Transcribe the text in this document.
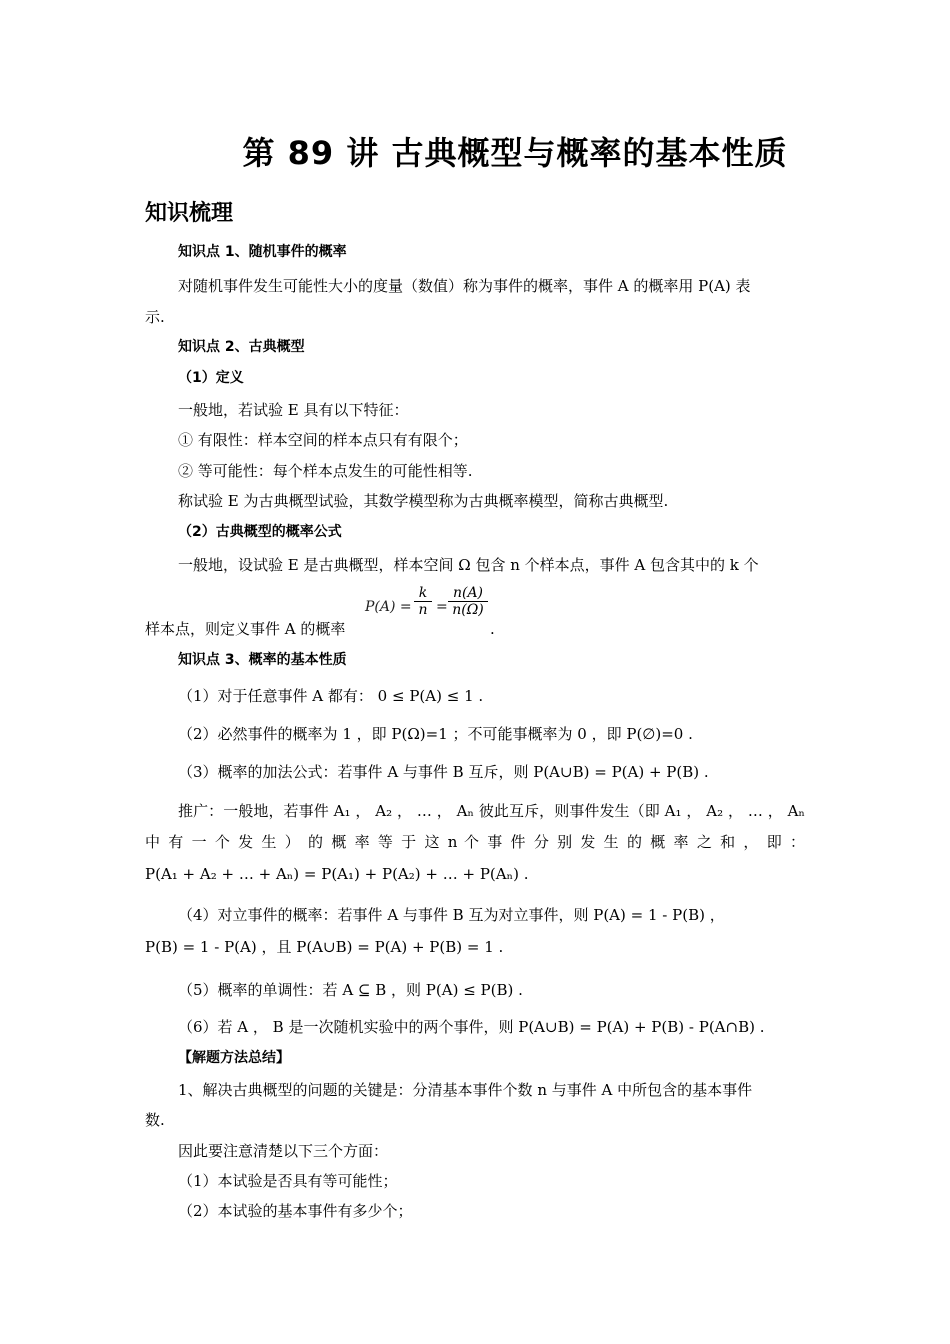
第 89 讲 古典概型与概率的基本性质
知识梳理
知识点 1、随机事件的概率
对随机事件发生可能性大小的度量（数值）称为事件的概率，事件 A 的概率用 P(A) 表
示.
知识点 2、古典概型
（1）定义
一般地，若试验 E 具有以下特征：
① 有限性：样本空间的样本点只有有限个；
② 等可能性：每个样本点发生的可能性相等.
称试验 E 为古典概型试验，其数学模型称为古典概率模型，简称古典概型.
（2）古典概型的概率公式
一般地，设试验 E 是古典概型，样本空间 Ω 包含 n 个样本点，事件 A 包含其中的 k 个
样本点，则定义事件 A 的概率
P(A) =
k
n =
n(A)
n(Ω)
.
知识点 3、概率的基本性质
（1）对于任意事件 A 都有： 0 ≤ P(A) ≤ 1 .
（2）必然事件的概率为 1 ，即 P(Ω)=1 ；不可能事概率为 0 ，即 P(∅)=0 .
（3）概率的加法公式：若事件 A 与事件 B 互斥，则 P(A∪B) = P(A) + P(B) .
推广：一般地，若事件 A₁ ， A₂ ， … ， Aₙ 彼此互斥，则事件发生（即 A₁ ， A₂ ， … ， Aₙ
中 有 一 个 发 生 ） 的 概 率 等 于 这 n 个 事 件 分 别 发 生 的 概 率 之 和 ， 即 ：
P(A₁ + A₂ + … + Aₙ) = P(A₁) + P(A₂) + … + P(Aₙ) .
（4）对立事件的概率：若事件 A 与事件 B 互为对立事件，则 P(A) = 1 - P(B) ，
P(B) = 1 - P(A) ，且 P(A∪B) = P(A) + P(B) = 1 .
（5）概率的单调性：若 A ⊆ B ，则 P(A) ≤ P(B) .
（6）若 A ， B 是一次随机实验中的两个事件，则 P(A∪B) = P(A) + P(B) - P(A∩B) .
【解题方法总结】
1、解决古典概型的问题的关键是：分清基本事件个数 n 与事件 A 中所包含的基本事件
数.
因此要注意清楚以下三个方面：
（1）本试验是否具有等可能性；
（2）本试验的基本事件有多少个；
